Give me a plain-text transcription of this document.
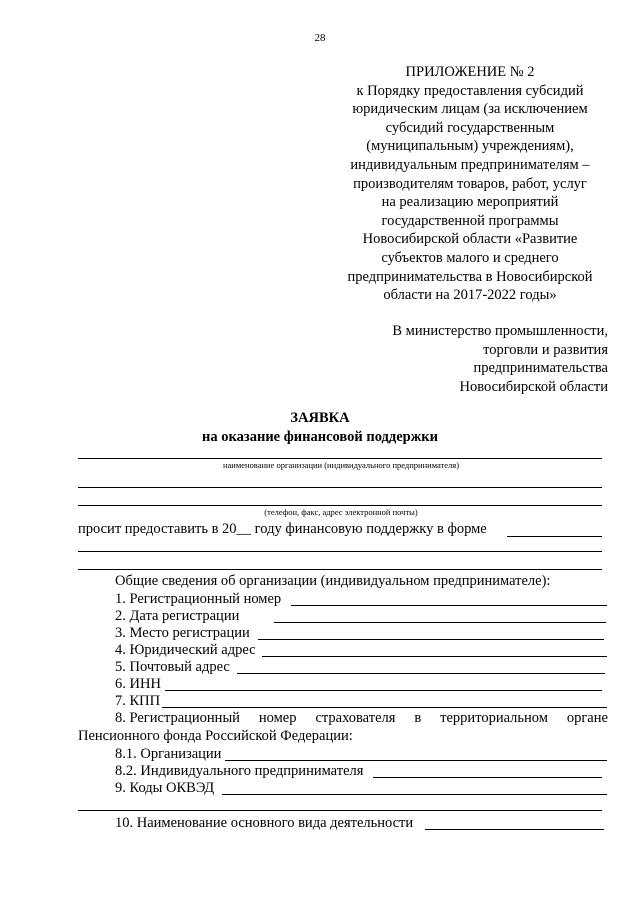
28
ПРИЛОЖЕНИЕ № 2
к Порядку предоставления субсидий
юридическим лицам (за исключением
субсидий государственным
(муниципальным) учреждениям),
индивидуальным предпринимателям –
производителям товаров, работ, услуг
на реализацию мероприятий
государственной программы
Новосибирской области «Развитие
субъектов малого и среднего
предпринимательства в Новосибирской
области на 2017-2022 годы»
В министерство промышленности,
торговли и развития
предпринимательства
Новосибирской области
ЗАЯВКА
на оказание финансовой поддержки
наименование организации (индивидуального предпринимателя)
(телефон, факс, адрес электронной почты)
просит предоставить в 20__ году финансовую поддержку в форме
Общие сведения об организации (индивидуальном предпринимателе):
1. Регистрационный номер
2. Дата регистрации
3. Место регистрации
4. Юридический адрес
5. Почтовый адрес
6. ИНН
7. КПП
8. Регистрационный номер страхователя в территориальном органе
Пенсионного фонда Российской Федерации:
8.1. Организации
8.2. Индивидуального предпринимателя
9. Коды ОКВЭД
10. Наименование основного вида деятельности
